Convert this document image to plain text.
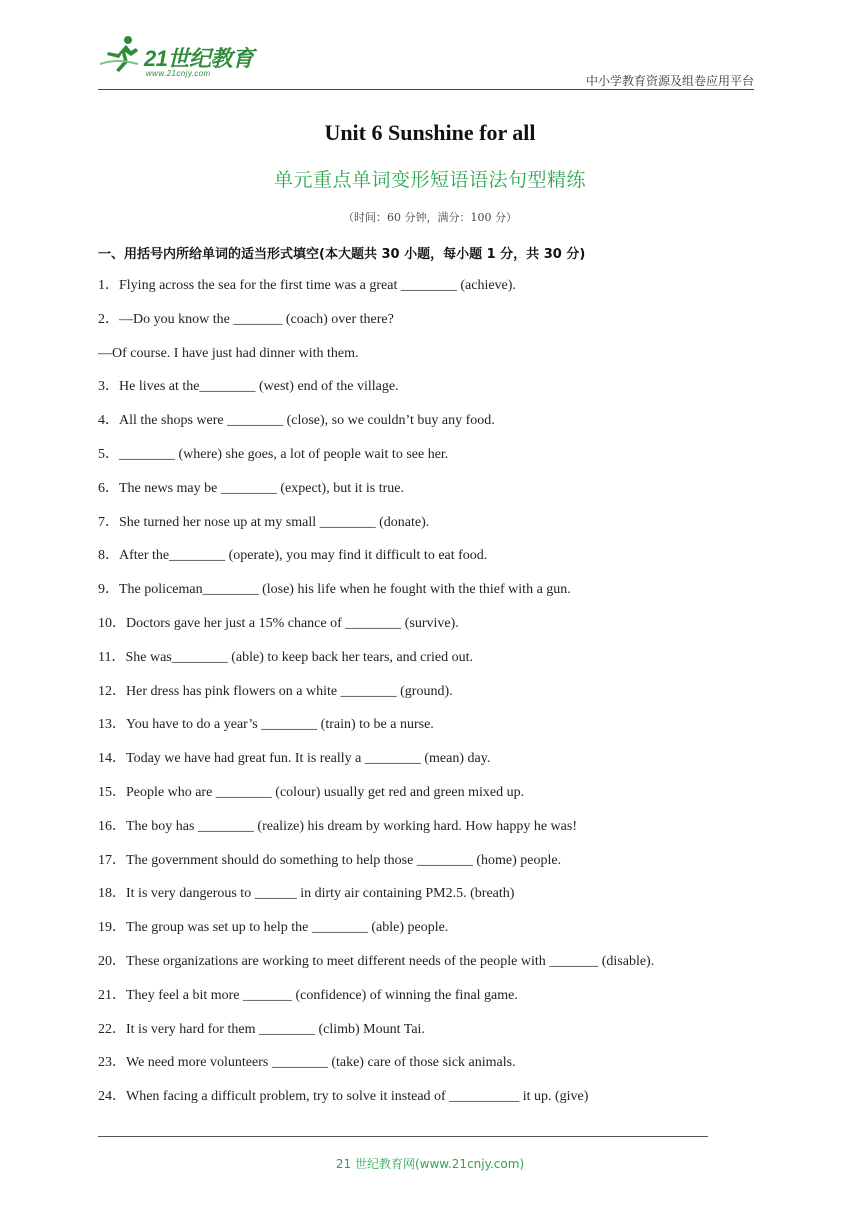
21世纪教育
www.21cnjy.com
中小学教育资源及组卷应用平台
Unit 6 Sunshine for all
单元重点单词变形短语语法句型精练
（时间：60 分钟，满分：100 分）
一、用括号内所给单词的适当形式填空(本大题共 30 小题，每小题 1 分，共 30 分)
1．Flying across the sea for the first time was a great ________ (achieve).
2．—Do you know the _______ (coach) over there?
—Of course. I have just had dinner with them.
3．He lives at the________ (west) end of the village.
4．All the shops were ________ (close), so we couldn’t buy any food.
5．________ (where) she goes, a lot of people wait to see her.
6．The news may be ________ (expect), but it is true.
7．She turned her nose up at my small ________ (donate).
8．After the________ (operate), you may find it difficult to eat food.
9．The policeman________ (lose) his life when he fought with the thief with a gun.
10．Doctors gave her just a 15% chance of ________ (survive).
11．She was________ (able) to keep back her tears, and cried out.
12．Her dress has pink flowers on a white ________ (ground).
13．You have to do a year’s ________ (train) to be a nurse.
14．Today we have had great fun. It is really a ________ (mean) day.
15．People who are ________ (colour) usually get red and green mixed up.
16．The boy has ________ (realize) his dream by working hard. How happy he was!
17．The government should do something to help those ________ (home) people.
18．It is very dangerous to ______ in dirty air containing PM2.5. (breath)
19．The group was set up to help the ________ (able) people.
20．These organizations are working to meet different needs of the people with _______ (disable).
21．They feel a bit more _______ (confidence) of winning the final game.
22．It is very hard for them ________ (climb) Mount Tai.
23．We need more volunteers ________ (take) care of those sick animals.
24．When facing a difficult problem, try to solve it instead of __________ it up. (give)
21 世纪教育网(www.21cnjy.com)
